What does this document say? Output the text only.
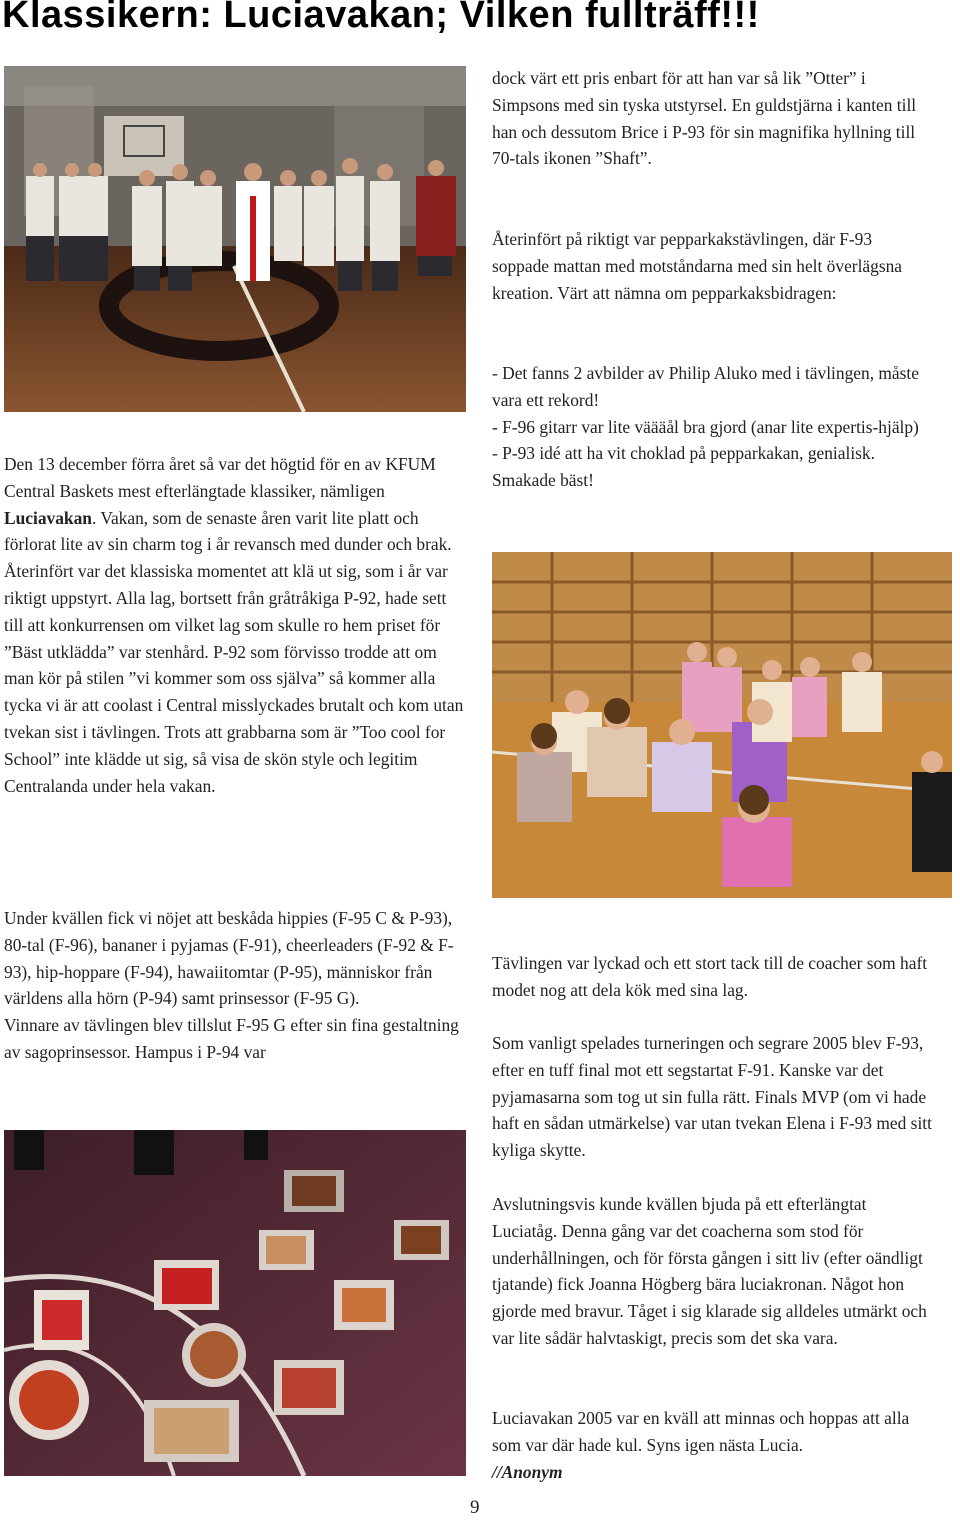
Klassikern: Luciavakan; Vilken fullträff!!!

Den 13 december förra året så var det högtid för en av KFUM Central Baskets mest efterlängtade klassiker, nämligen Luciavakan. Vakan, som de senaste åren varit lite platt och förlorat lite av sin charm tog i år revansch med dunder och brak. Återinfört var det klassiska momentet att klä ut sig, som i år var riktigt uppstyrt. Alla lag, bortsett från gråtråkiga P-92, hade sett till att konkurrensen om vilket lag som skulle ro hem priset för ”Bäst utklädda” var stenhård. P-92 som förvisso trodde att om man kör på stilen ”vi kommer som oss själva” så kommer alla tycka vi är att coolast i Central misslyckades brutalt och kom utan tvekan sist i tävlingen. Trots att grabbarna som är ”Too cool for School” inte klädde ut sig, så visa de skön style och legitim Centralanda under hela vakan.

Under kvällen fick vi nöjet att beskåda hippies (F-95 C & P-93), 80-tal (F-96), bananer i pyjamas (F-91), cheerleaders (F-92 & F-93), hip-hoppare (F-94), hawaiitomtar (P-95), människor från världens alla hörn (P-94) samt prinsessor (F-95 G).

Vinnare av tävlingen blev tillslut F-95 G efter sin fina gestaltning av sagoprinsessor. Hampus i P-94 var

dock värt ett pris enbart för att han var så lik ”Otter” i Simpsons med sin tyska utstyrsel. En guldstjärna i kanten till han och dessutom Brice i P-93 för sin magnifika hyllning till 70-tals ikonen ”Shaft”.

Återinfört på riktigt var pepparkakstävlingen, där F-93 soppade mattan med motståndarna med sin helt överlägsna kreation. Värt att nämna om pepparkaksbidragen:

- Det fanns 2 avbilder av Philip Aluko med i tävlingen, måste vara ett rekord!

- F-96 gitarr var lite väääål bra gjord (anar lite expertis-hjälp)

- P-93 idé att ha vit choklad på pepparkakan, genialisk. Smakade bäst!

Tävlingen var lyckad och ett stort tack till de coacher som haft modet nog att dela kök med sina lag.

Som vanligt spelades turneringen och segrare 2005 blev F-93, efter en tuff final mot ett segstartat F-91. Kanske var det pyjamasarna som tog ut sin fulla rätt. Finals MVP (om vi hade haft en sådan utmärkelse) var utan tvekan Elena i F-93 med sitt kyliga skytte.

Avslutningsvis kunde kvällen bjuda på ett efterlängtat Luciatåg. Denna gång var det coacherna som stod för underhållningen, och för första gången i sitt liv (efter oändligt tjatande) fick Joanna Högberg bära luciakronan. Något hon gjorde med bravur. Tåget i sig klarade sig alldeles utmärkt och var lite sådär halvtaskigt, precis som det ska vara.

Luciavakan 2005 var en kväll att minnas och hoppas att alla som var där hade kul. Syns igen nästa Lucia.

//Anonym

9
